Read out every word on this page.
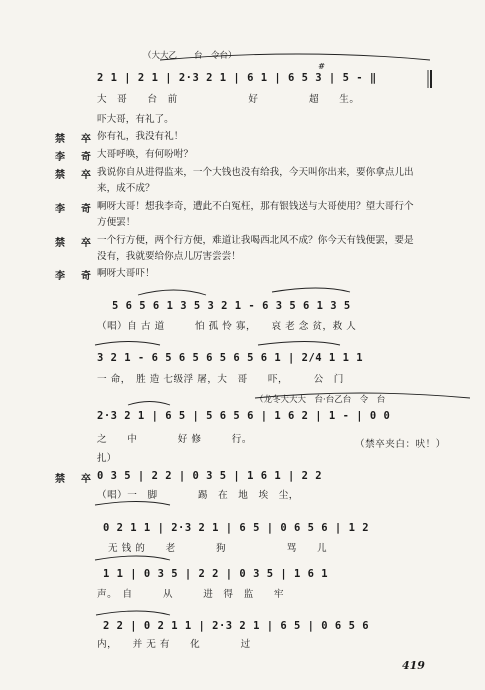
（大大乙　　台　令台）
2 1 | 2 1 | 2·3 2 1 | 6 1 | 6 5 3 | 5 - ‖
大　哥　　台　前　　　　　　　好　　　　　超　　生。
#
吓大哥，有礼了。
禁　卒 你有礼，我没有礼！
李　奇 大哥呼唤，有何吩咐？
禁　卒 我说你自从进得监来，一个大钱也没有给我，今天叫你出来，要你拿点儿出
来，成不成？
李　奇 啊呀大哥！想我李奇，遭此不白冤枉，那有银钱送与大哥使用？望大哥行个
方便罢！
禁　卒 一个行方便，两个行方便，难道让我喝西北风不成？你今天有钱便罢，要是
没有，我就要给你点儿厉害尝尝！
李　奇 啊呀大哥吓！
5 6 5 6 1 3 5 3 2 1 - 6 3 5 6 1 3 5
（唱）自 古 道　　　怕 孤 怜 寡，　　哀 老 念 贫，救 人
3 2 1 - 6 5 6 5 6 5 6 5 6 1 | 2/4 1 1 1
一 命，　胜 造 七级浮 屠，大　哥　　吓，　　　公　门
（龙冬大大大　台·台乙台　令　台
2·3 2 1 | 6 5 | 5 6 5 6 | 1 6 2 | 1 - | 0 0
之　　中　　　　好 修　　　行。	（禁卒夹白：吠！）
扎）
禁　卒 0 3 5 | 2 2 | 0 3 5 | 1 6 1 | 2 2
（唱）一　脚　　　　踢　在　地　埃　尘，
0 2 1 1 | 2·3 2 1 | 6 5 | 0 6 5 6 | 1 2
无 钱 的　　老　　　　狗　　　　　　骂　　儿
1 1 | 0 3 5 | 2 2 | 0 3 5 | 1 6 1
声。　自　　　从　　　进　得　监　　牢
2 2 | 0 2 1 1 | 2·3 2 1 | 6 5 | 0 6 5 6
内，　　并 无 有　　化　　　　过
419
